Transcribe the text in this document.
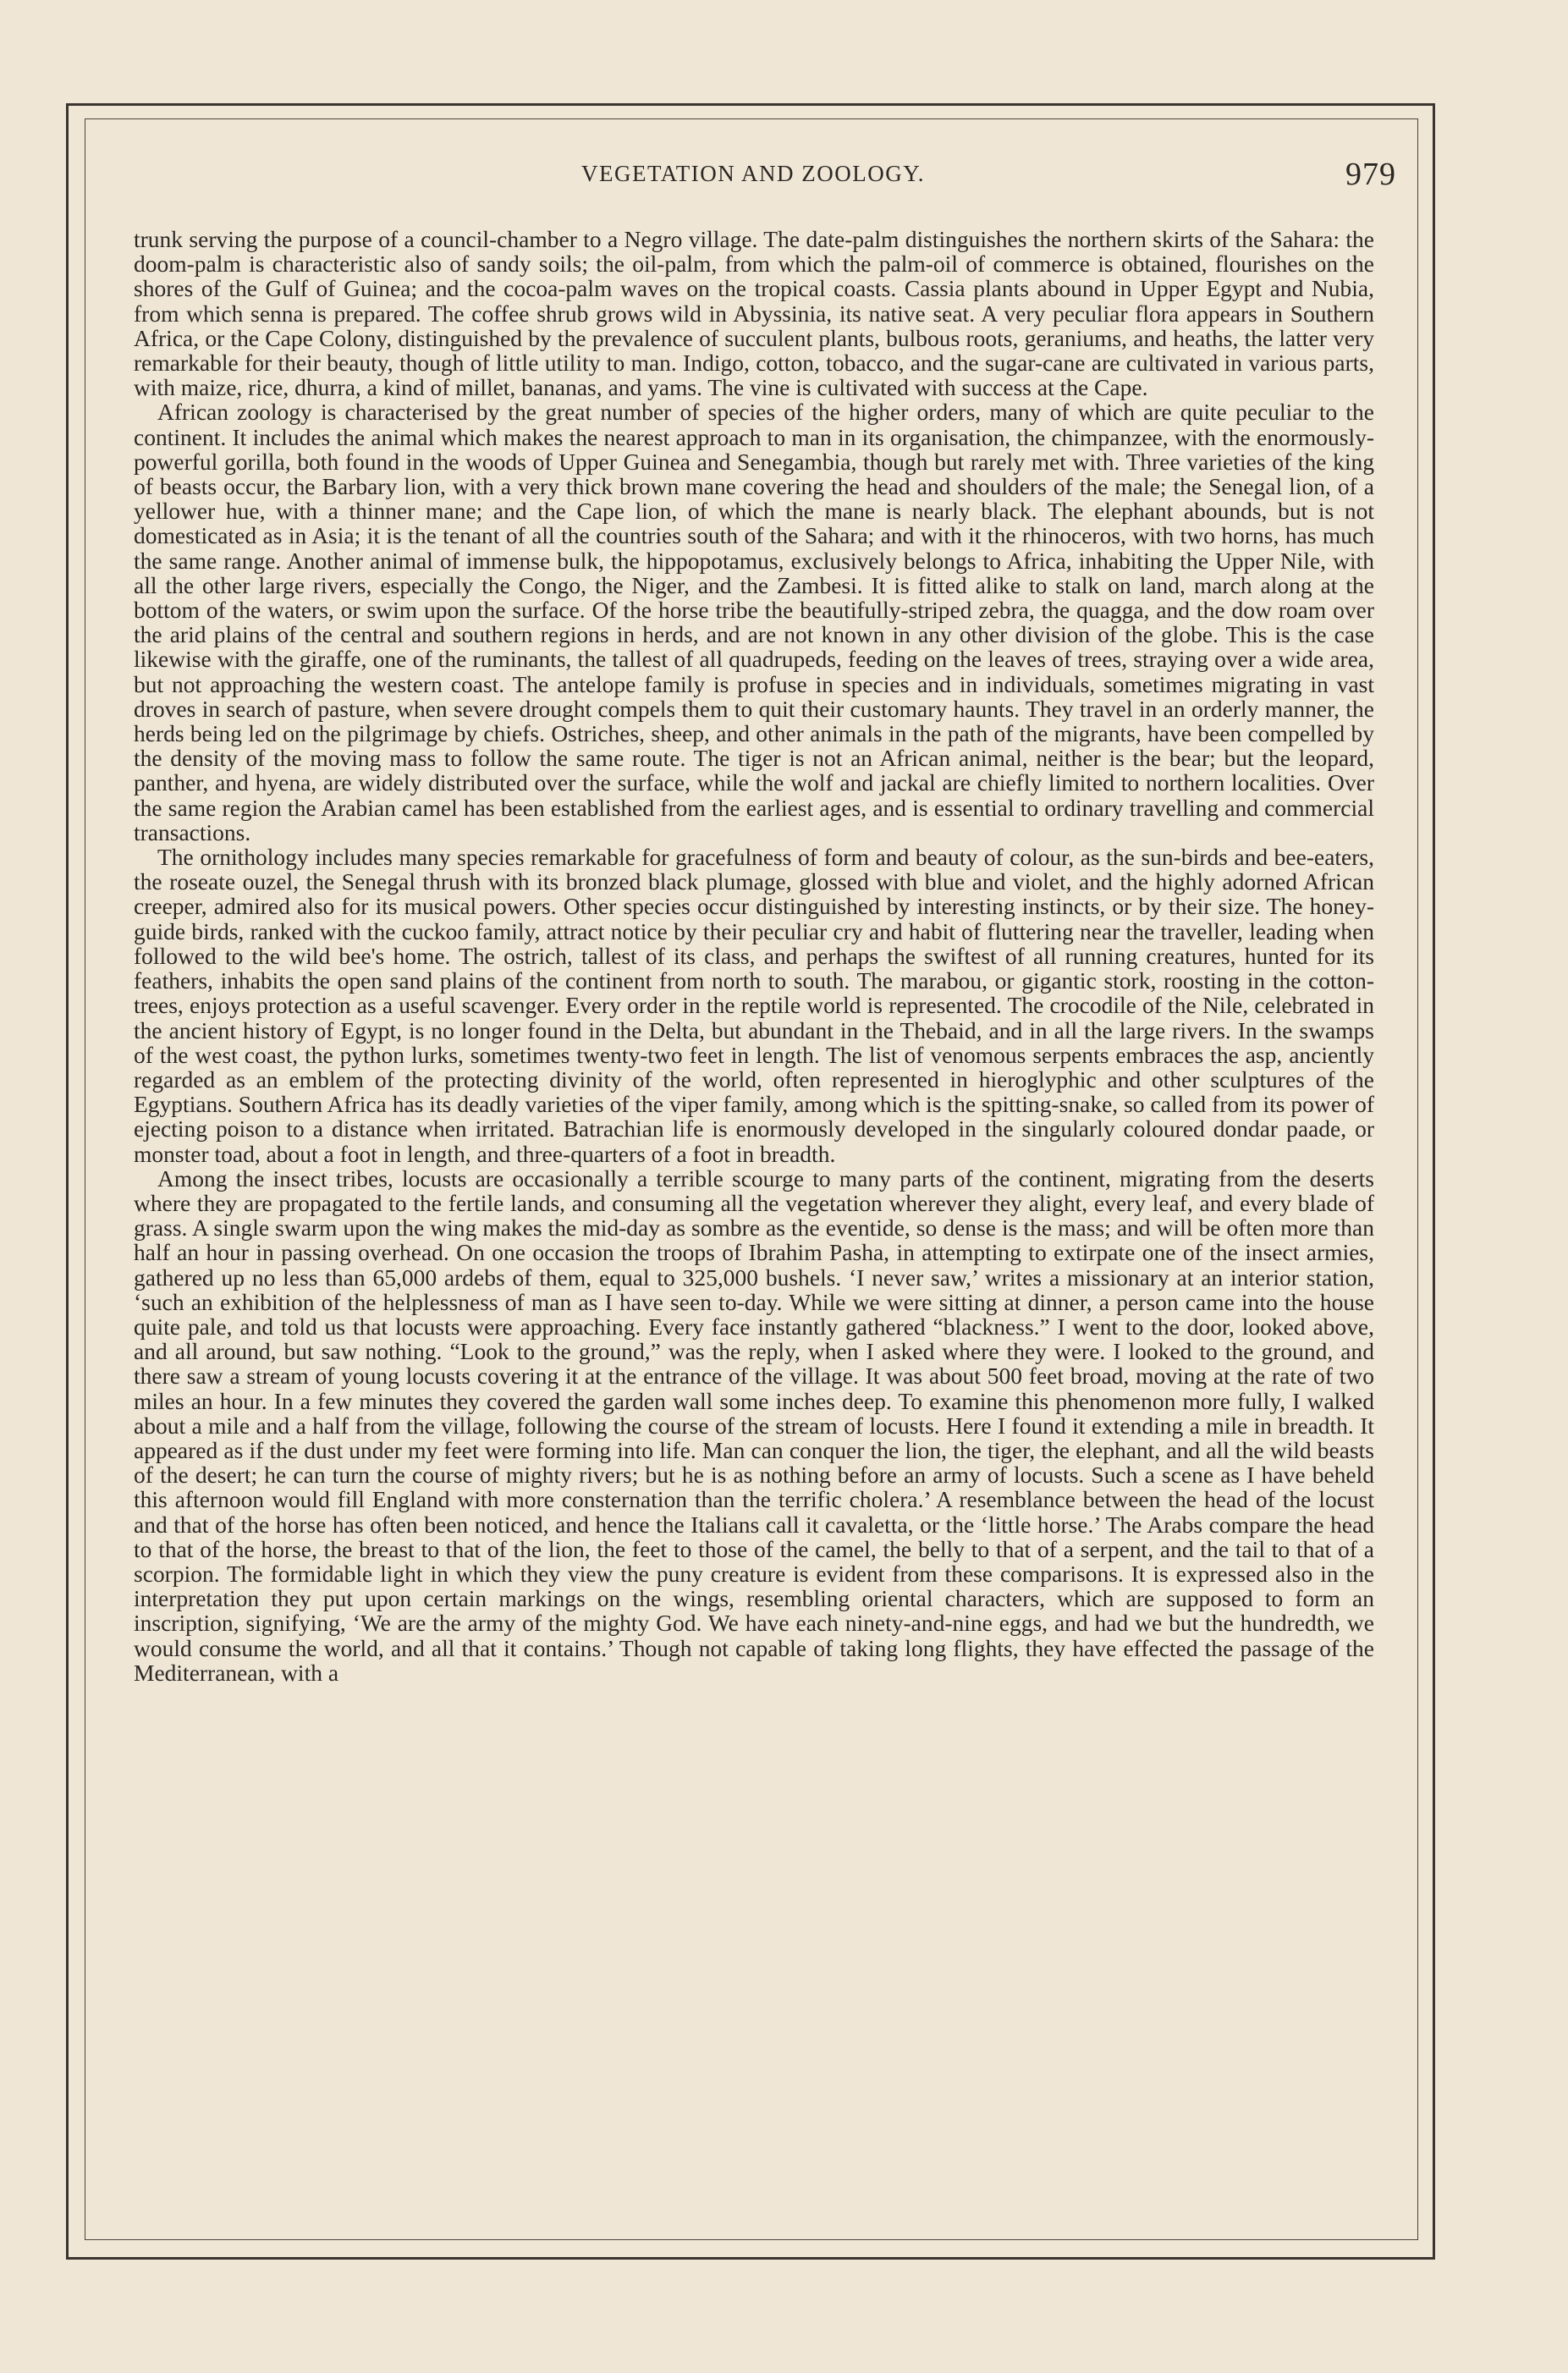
VEGETATION AND ZOOLOGY.	979

trunk serving the purpose of a council-chamber to a Negro village. The date-palm distinguishes the northern skirts of the Sahara: the doom-palm is characteristic also of sandy soils; the oil-palm, from which the palm-oil of commerce is obtained, flourishes on the shores of the Gulf of Guinea; and the cocoa-palm waves on the tropical coasts. Cassia plants abound in Upper Egypt and Nubia, from which senna is prepared. The coffee shrub grows wild in Abyssinia, its native seat. A very peculiar flora appears in Southern Africa, or the Cape Colony, distinguished by the prevalence of succulent plants, bulbous roots, geraniums, and heaths, the latter very remarkable for their beauty, though of little utility to man. Indigo, cotton, tobacco, and the sugar-cane are cultivated in various parts, with maize, rice, dhurra, a kind of millet, bananas, and yams. The vine is cultivated with success at the Cape.

African zoology is characterised by the great number of species of the higher orders, many of which are quite peculiar to the continent. It includes the animal which makes the nearest approach to man in its organisation, the chimpanzee, with the enormously-powerful gorilla, both found in the woods of Upper Guinea and Senegambia, though but rarely met with. Three varieties of the king of beasts occur, the Barbary lion, with a very thick brown mane covering the head and shoulders of the male; the Senegal lion, of a yellower hue, with a thinner mane; and the Cape lion, of which the mane is nearly black. The elephant abounds, but is not domesticated as in Asia; it is the tenant of all the countries south of the Sahara; and with it the rhinoceros, with two horns, has much the same range. Another animal of immense bulk, the hippopotamus, exclusively belongs to Africa, inhabiting the Upper Nile, with all the other large rivers, especially the Congo, the Niger, and the Zambesi. It is fitted alike to stalk on land, march along at the bottom of the waters, or swim upon the surface. Of the horse tribe the beautifully-striped zebra, the quagga, and the dow roam over the arid plains of the central and southern regions in herds, and are not known in any other division of the globe. This is the case likewise with the giraffe, one of the ruminants, the tallest of all quadrupeds, feeding on the leaves of trees, straying over a wide area, but not approaching the western coast. The antelope family is profuse in species and in individuals, sometimes migrating in vast droves in search of pasture, when severe drought compels them to quit their customary haunts. They travel in an orderly manner, the herds being led on the pilgrimage by chiefs. Ostriches, sheep, and other animals in the path of the migrants, have been compelled by the density of the moving mass to follow the same route. The tiger is not an African animal, neither is the bear; but the leopard, panther, and hyena, are widely distributed over the surface, while the wolf and jackal are chiefly limited to northern localities. Over the same region the Arabian camel has been established from the earliest ages, and is essential to ordinary travelling and commercial transactions.

The ornithology includes many species remarkable for gracefulness of form and beauty of colour, as the sun-birds and bee-eaters, the roseate ouzel, the Senegal thrush with its bronzed black plumage, glossed with blue and violet, and the highly adorned African creeper, admired also for its musical powers. Other species occur distinguished by interesting instincts, or by their size. The honey-guide birds, ranked with the cuckoo family, attract notice by their peculiar cry and habit of fluttering near the traveller, leading when followed to the wild bee's home. The ostrich, tallest of its class, and perhaps the swiftest of all running creatures, hunted for its feathers, inhabits the open sand plains of the continent from north to south. The marabou, or gigantic stork, roosting in the cotton-trees, enjoys protection as a useful scavenger. Every order in the reptile world is represented. The crocodile of the Nile, celebrated in the ancient history of Egypt, is no longer found in the Delta, but abundant in the Thebaid, and in all the large rivers. In the swamps of the west coast, the python lurks, sometimes twenty-two feet in length. The list of venomous serpents embraces the asp, anciently regarded as an emblem of the protecting divinity of the world, often represented in hieroglyphic and other sculptures of the Egyptians. Southern Africa has its deadly varieties of the viper family, among which is the spitting-snake, so called from its power of ejecting poison to a distance when irritated. Batrachian life is enormously developed in the singularly coloured dondar paade, or monster toad, about a foot in length, and three-quarters of a foot in breadth.

Among the insect tribes, locusts are occasionally a terrible scourge to many parts of the continent, migrating from the deserts where they are propagated to the fertile lands, and consuming all the vegetation wherever they alight, every leaf, and every blade of grass. A single swarm upon the wing makes the mid-day as sombre as the eventide, so dense is the mass; and will be often more than half an hour in passing overhead. On one occasion the troops of Ibrahim Pasha, in attempting to extirpate one of the insect armies, gathered up no less than 65,000 ardebs of them, equal to 325,000 bushels. ‘I never saw,’ writes a missionary at an interior station, ‘such an exhibition of the helplessness of man as I have seen to-day. While we were sitting at dinner, a person came into the house quite pale, and told us that locusts were approaching. Every face instantly gathered “blackness.” I went to the door, looked above, and all around, but saw nothing. “Look to the ground,” was the reply, when I asked where they were. I looked to the ground, and there saw a stream of young locusts covering it at the entrance of the village. It was about 500 feet broad, moving at the rate of two miles an hour. In a few minutes they covered the garden wall some inches deep. To examine this phenomenon more fully, I walked about a mile and a half from the village, following the course of the stream of locusts. Here I found it extending a mile in breadth. It appeared as if the dust under my feet were forming into life. Man can conquer the lion, the tiger, the elephant, and all the wild beasts of the desert; he can turn the course of mighty rivers; but he is as nothing before an army of locusts. Such a scene as I have beheld this afternoon would fill England with more consternation than the terrific cholera.’ A resemblance between the head of the locust and that of the horse has often been noticed, and hence the Italians call it cavaletta, or the ‘little horse.’ The Arabs compare the head to that of the horse, the breast to that of the lion, the feet to those of the camel, the belly to that of a serpent, and the tail to that of a scorpion. The formidable light in which they view the puny creature is evident from these comparisons. It is expressed also in the interpretation they put upon certain markings on the wings, resembling oriental characters, which are supposed to form an inscription, signifying, ‘We are the army of the mighty God. We have each ninety-and-nine eggs, and had we but the hundredth, we would consume the world, and all that it contains.’ Though not capable of taking long flights, they have effected the passage of the Mediterranean, with a
